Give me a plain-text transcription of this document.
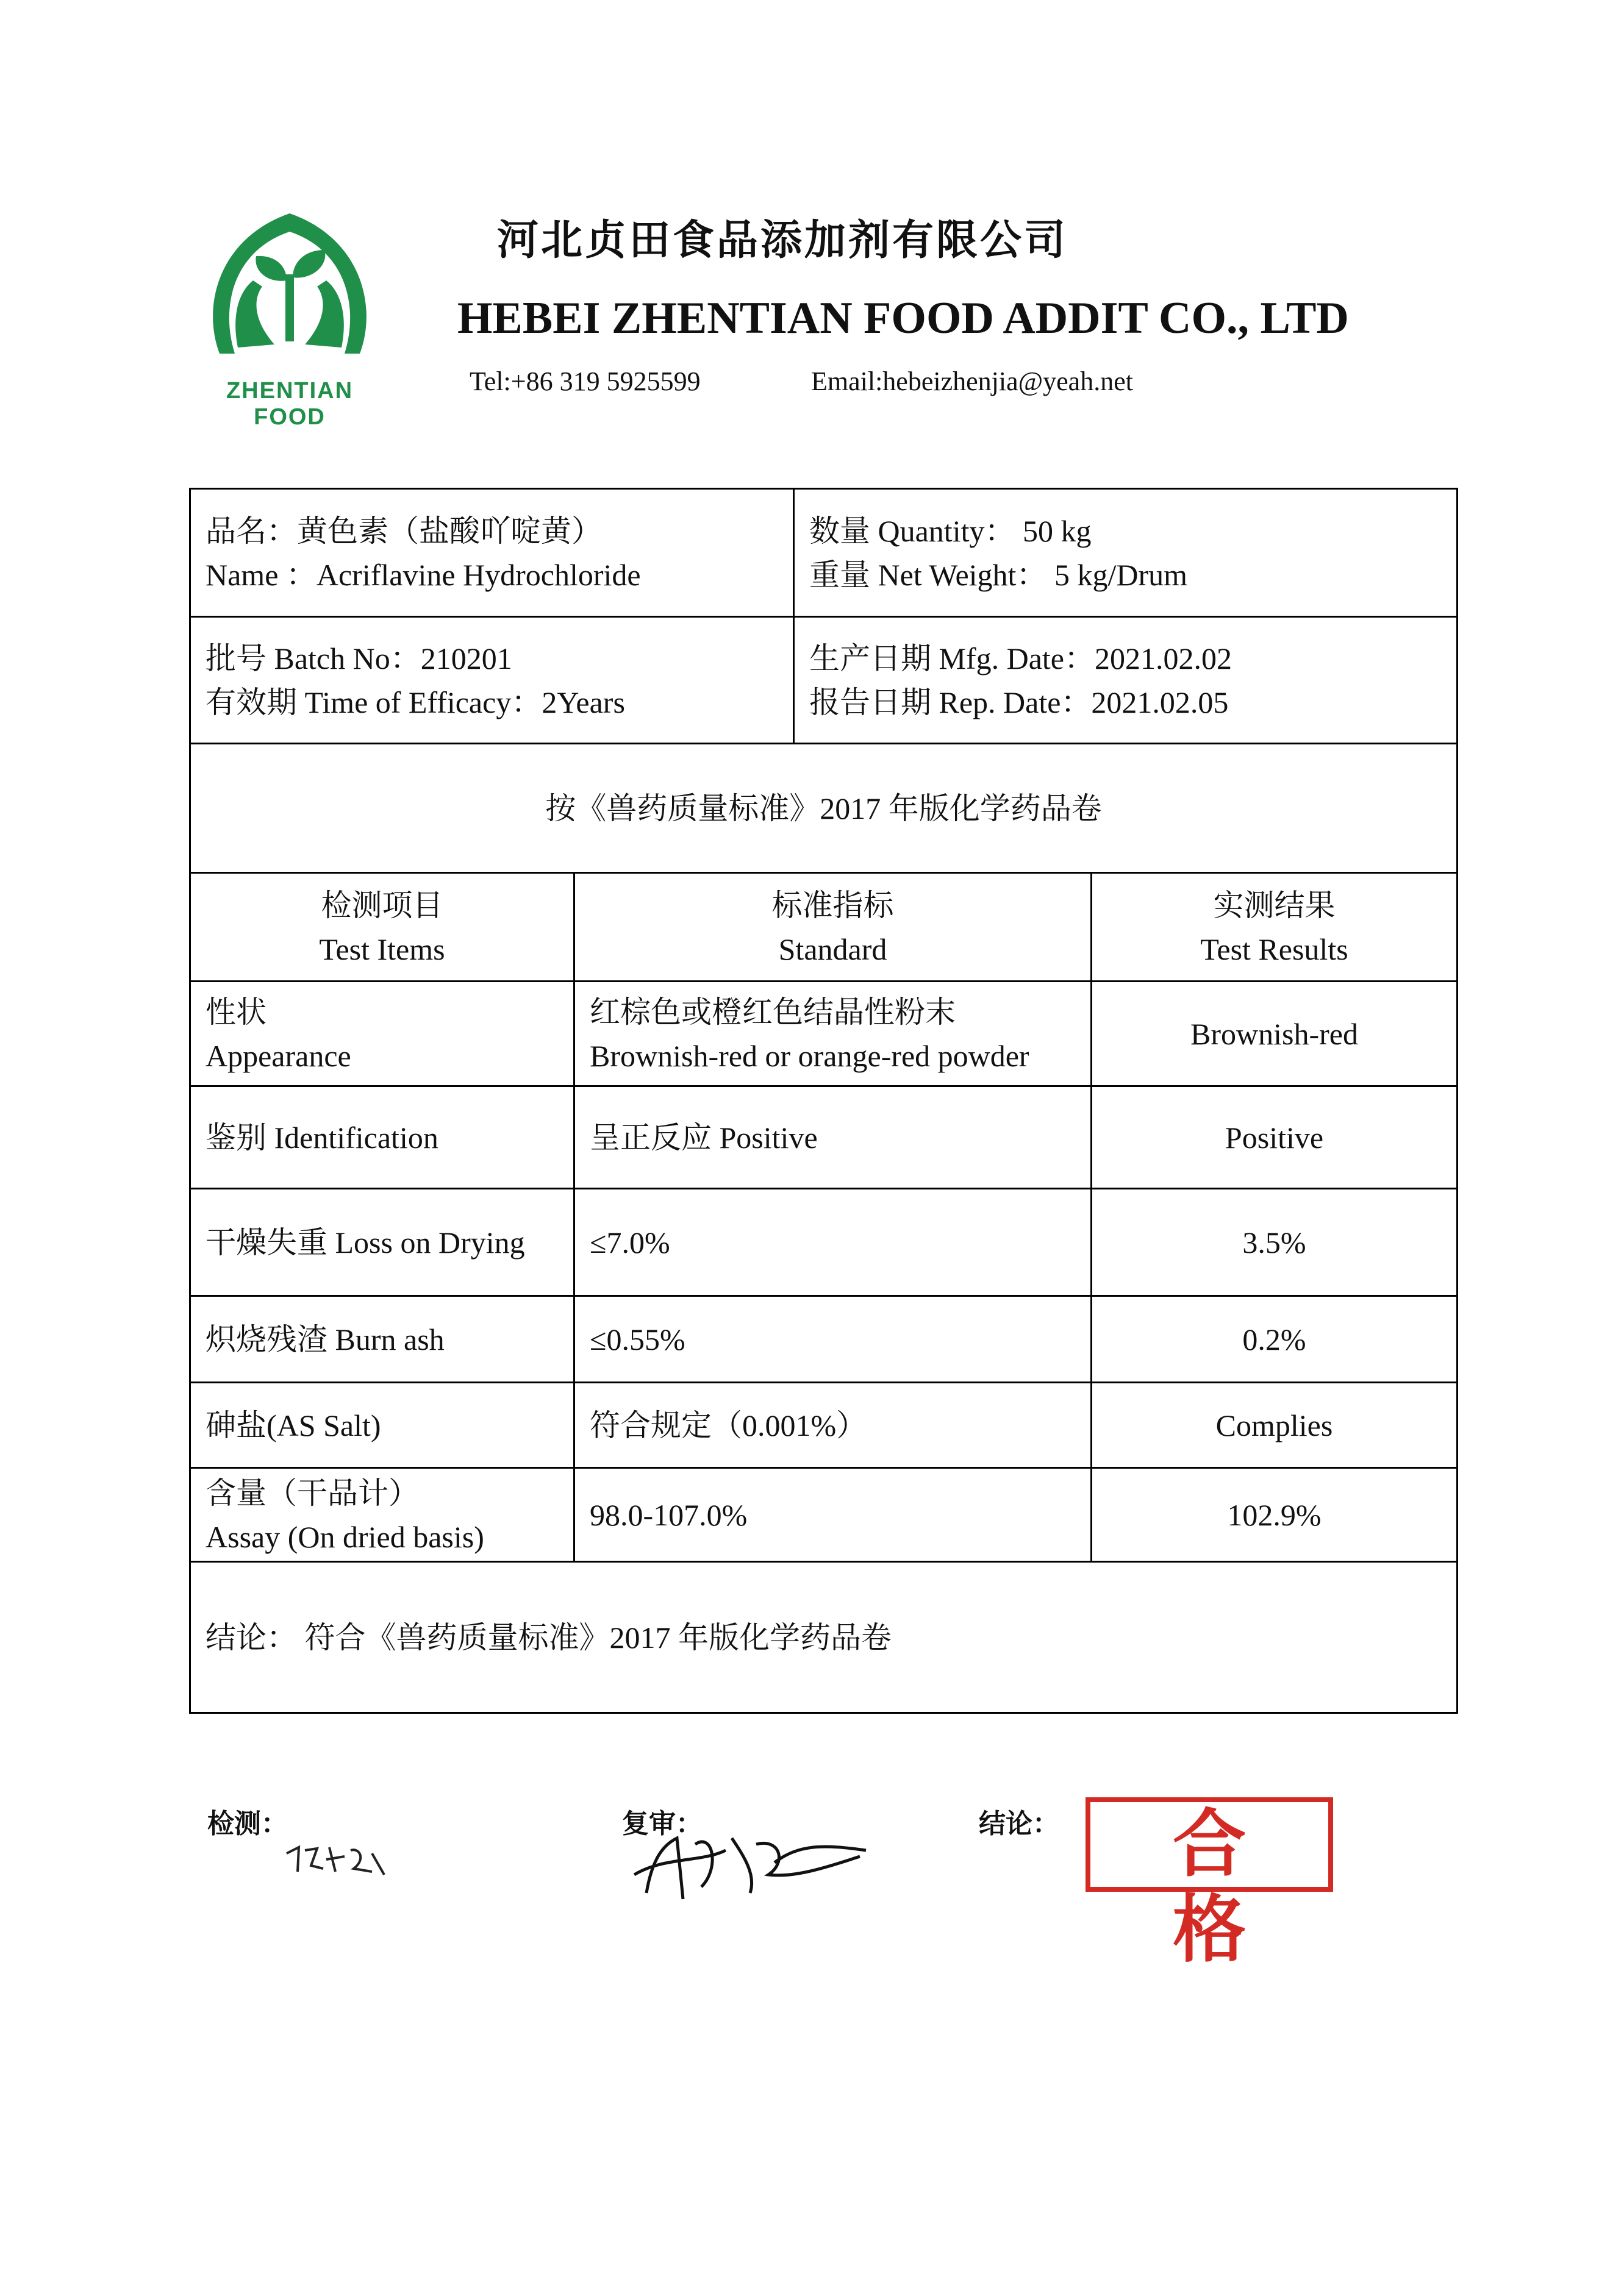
ZHENTIAN FOOD
河北贞田食品添加剂有限公司
HEBEI ZHENTIAN FOOD ADDIT CO., LTD
Tel:+86 319 5925599	Email:hebeizhenjia@yeah.net
品名：黄色素（盐酸吖啶黄）
Name ：Acriflavine Hydrochloride		数量 Quantity： 50 kg
重量 Net Weight： 5 kg/Drum	

批号 Batch No：210201
有效期 Time of Efficacy：2Years		生产日期 Mfg. Date：2021.02.02
报告日期 Rep. Date：2021.02.05	

按《兽药质量标准》2017 年版化学药品卷			

检测项目
Test Items	标准指标
Standard		实测结果
Test Results

性状
Appearance	红棕色或橙红色结晶性粉末
Brownish-red or orange-red powder		Brownish-red
鉴别 Identification	呈正反应 Positive		Positive
干燥失重 Loss on Drying	≤7.0%		3.5%
炽烧残渣 Burn ash	≤0.55%		0.2%
砷盐(AS Salt)	符合规定（0.001%）		Complies

含量（干品计）
Assay (On dried basis)	98.0-107.0%		102.9%
结论： 符合《兽药质量标准》2017 年版化学药品卷			
检测：	复审：	结论：	合格
